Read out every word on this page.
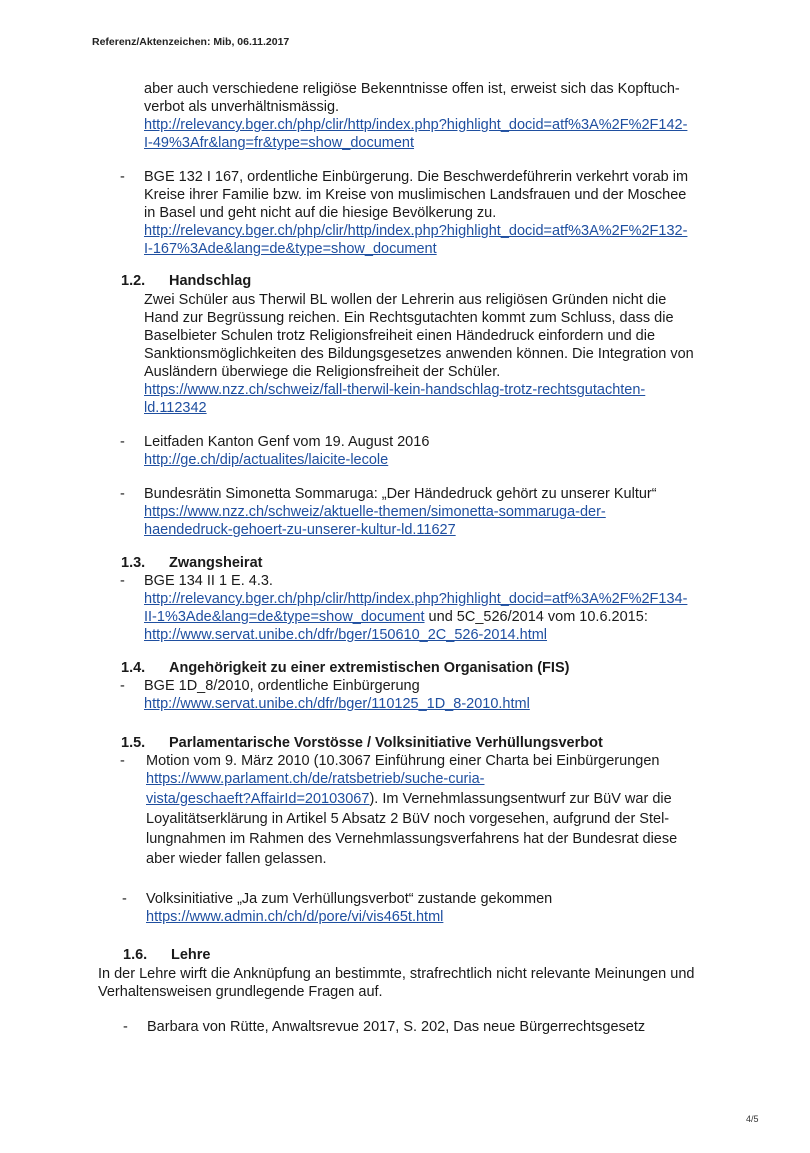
Referenz/Aktenzeichen: Mib, 06.11.2017
aber auch verschiedene religiöse Bekenntnisse offen ist, erweist sich das Kopftuch-
verbot als unverhältnismässig.
http://relevancy.bger.ch/php/clir/http/index.php?highlight_docid=atf%3A%2F%2F142-
I-49%3Afr&lang=fr&type=show_document
- BGE 132 I 167, ordentliche Einbürgerung. Die Beschwerdeführerin verkehrt vorab im
Kreise ihrer Familie bzw. im Kreise von muslimischen Landsfrauen und der Moschee
in Basel und geht nicht auf die hiesige Bevölkerung zu.
http://relevancy.bger.ch/php/clir/http/index.php?highlight_docid=atf%3A%2F%2F132-
I-167%3Ade&lang=de&type=show_document
1.2. Handschlag
Zwei Schüler aus Therwil BL wollen der Lehrerin aus religiösen Gründen nicht die
Hand zur Begrüssung reichen. Ein Rechtsgutachten kommt zum Schluss, dass die
Baselbieter Schulen trotz Religionsfreiheit einen Händedruck einfordern und die
Sanktionsmöglichkeiten des Bildungsgesetzes anwenden können. Die Integration von
Ausländern überwiege die Religionsfreiheit der Schüler.
https://www.nzz.ch/schweiz/fall-therwil-kein-handschlag-trotz-rechtsgutachten-
ld.112342
- Leitfaden Kanton Genf vom 19. August 2016
http://ge.ch/dip/actualites/laicite-lecole
- Bundesrätin Simonetta Sommaruga: „Der Händedruck gehört zu unserer Kultur“
https://www.nzz.ch/schweiz/aktuelle-themen/simonetta-sommaruga-der-
haendedruck-gehoert-zu-unserer-kultur-ld.11627
1.3. Zwangsheirat
- BGE 134 II 1 E. 4.3.
http://relevancy.bger.ch/php/clir/http/index.php?highlight_docid=atf%3A%2F%2F134-
II-1%3Ade&lang=de&type=show_document und 5C_526/2014 vom 10.6.2015:
http://www.servat.unibe.ch/dfr/bger/150610_2C_526-2014.html
1.4. Angehörigkeit zu einer extremistischen Organisation (FIS)
- BGE 1D_8/2010, ordentliche Einbürgerung
http://www.servat.unibe.ch/dfr/bger/110125_1D_8-2010.html
1.5. Parlamentarische Vorstösse / Volksinitiative Verhüllungsverbot
- Motion vom 9. März 2010 (10.3067 Einführung einer Charta bei Einbürgerungen
https://www.parlament.ch/de/ratsbetrieb/suche-curia-
vista/geschaeft?AffairId=20103067). Im Vernehmlassungsentwurf zur BüV war die
Loyalitätserklärung in Artikel 5 Absatz 2 BüV noch vorgesehen, aufgrund der Stel-
lungnahmen im Rahmen des Vernehmlassungsverfahrens hat der Bundesrat diese
aber wieder fallen gelassen.
- Volksinitiative „Ja zum Verhüllungsverbot“ zustande gekommen
https://www.admin.ch/ch/d/pore/vi/vis465t.html
1.6. Lehre
In der Lehre wirft die Anknüpfung an bestimmte, strafrechtlich nicht relevante Meinungen und
Verhaltensweisen grundlegende Fragen auf.
- Barbara von Rütte, Anwaltsrevue 2017, S. 202, Das neue Bürgerrechtsgesetz
4/5
